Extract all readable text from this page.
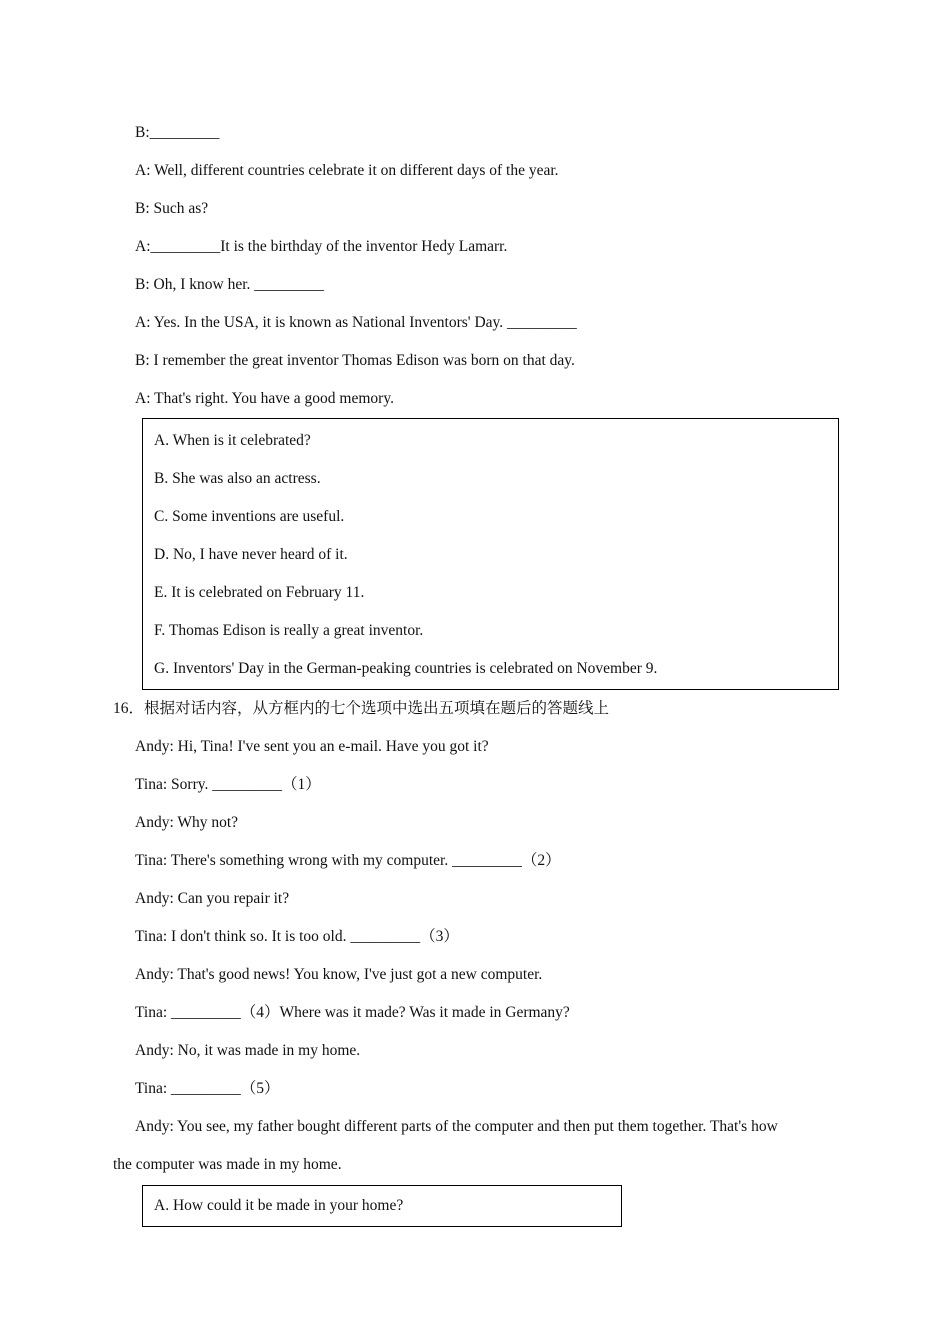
B:_________
A: Well, different countries celebrate it on different days of the year.
B: Such as?
A:_________It is the birthday of the inventor Hedy Lamarr.
B: Oh, I know her. _________
A: Yes. In the USA, it is known as National Inventors' Day. _________
B: I remember the great inventor Thomas Edison was born on that day.
A: That's right. You have a good memory.
A. When is it celebrated?
B. She was also an actress.
C. Some inventions are useful.
D. No, I have never heard of it.
E. It is celebrated on February 11.
F. Thomas Edison is really a great inventor.
G. Inventors' Day in the German-peaking countries is celebrated on November 9.
16．根据对话内容，从方框内的七个选项中选出五项填在题后的答题线上
Andy: Hi, Tina! I've sent you an e-mail. Have you got it?
Tina: Sorry. _________（1）
Andy: Why not?
Tina: There's something wrong with my computer. _________（2）
Andy: Can you repair it?
Tina: I don't think so. It is too old. _________（3）
Andy: That's good news! You know, I've just got a new computer.
Tina: _________（4）Where was it made? Was it made in Germany?
Andy: No, it was made in my home.
Tina: _________（5）
Andy: You see, my father bought different parts of the computer and then put them together. That's how
the computer was made in my home.
A. How could it be made in your home?
